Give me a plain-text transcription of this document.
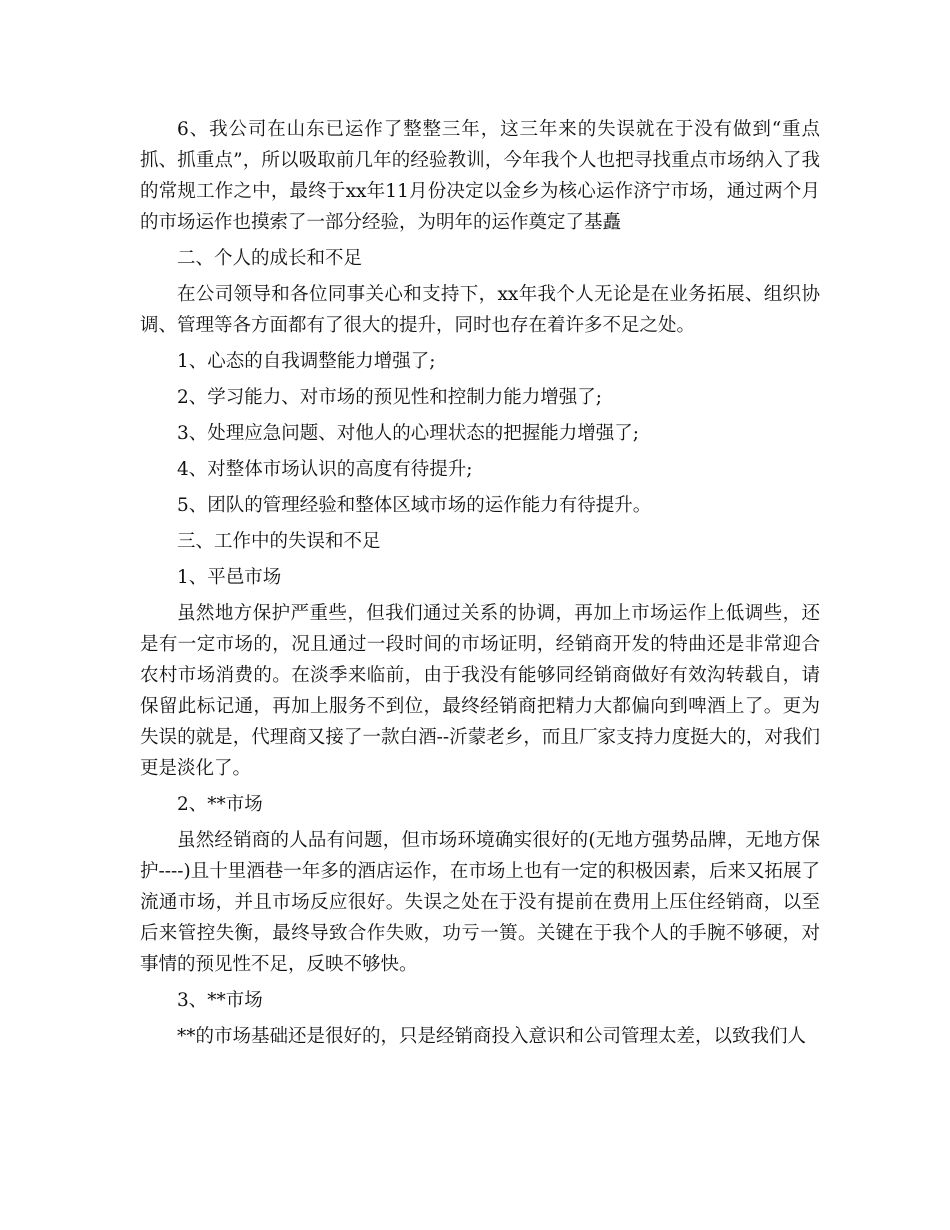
6、我公司在山东已运作了整整三年，这三年来的失误就在于没有做到“重点抓、抓重点”，所以吸取前几年的经验教训，今年我个人也把寻找重点市场纳入了我的常规工作之中，最终于xx年11月份决定以金乡为核心运作济宁市场，通过两个月的市场运作也摸索了一部分经验，为明年的运作奠定了基矗

二、个人的成长和不足

在公司领导和各位同事关心和支持下，xx年我个人无论是在业务拓展、组织协调、管理等各方面都有了很大的提升，同时也存在着许多不足之处。

1、心态的自我调整能力增强了;

2、学习能力、对市场的预见性和控制力能力增强了;

3、处理应急问题、对他人的心理状态的把握能力增强了;

4、对整体市场认识的高度有待提升;

5、团队的管理经验和整体区域市场的运作能力有待提升。

三、工作中的失误和不足

1、平邑市场

虽然地方保护严重些，但我们通过关系的协调，再加上市场运作上低调些，还是有一定市场的，况且通过一段时间的市场证明，经销商开发的特曲还是非常迎合农村市场消费的。在淡季来临前，由于我没有能够同经销商做好有效沟转载自，请保留此标记通，再加上服务不到位，最终经销商把精力大都偏向到啤酒上了。更为失误的就是，代理商又接了一款白酒--沂蒙老乡，而且厂家支持力度挺大的，对我们更是淡化了。

2、**市场

虽然经销商的人品有问题，但市场环境确实很好的(无地方强势品牌，无地方保护----)且十里酒巷一年多的酒店运作，在市场上也有一定的积极因素，后来又拓展了流通市场，并且市场反应很好。失误之处在于没有提前在费用上压住经销商，以至后来管控失衡，最终导致合作失败，功亏一篑。关键在于我个人的手腕不够硬，对事情的预见性不足，反映不够快。

3、**市场

**的市场基础还是很好的，只是经销商投入意识和公司管理太差，以致我们人
